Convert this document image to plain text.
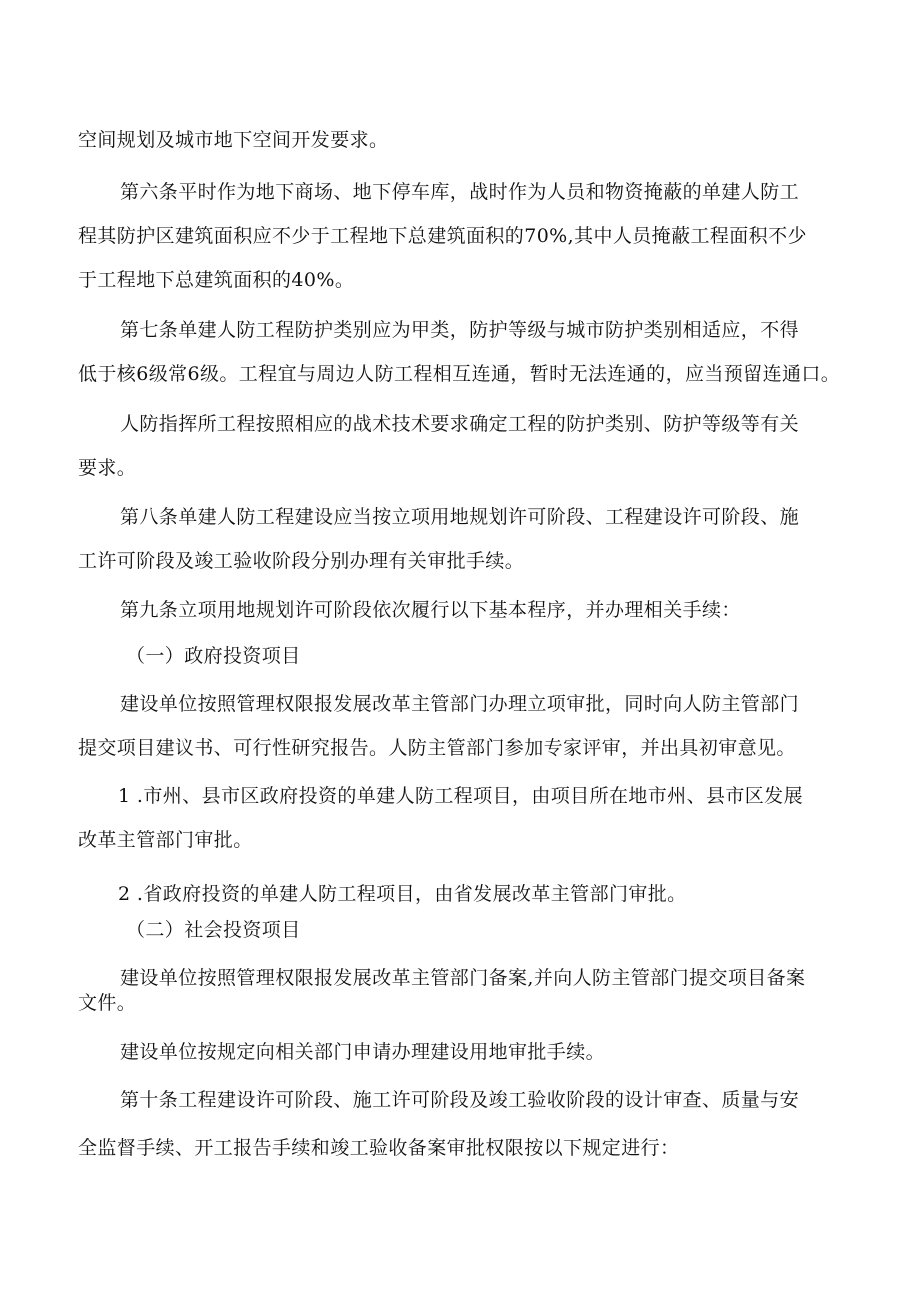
空间规划及城市地下空间开发要求。
第六条平时作为地下商场、地下停车库，战时作为人员和物资掩蔽的单建人防工
程其防护区建筑面积应不少于工程地下总建筑面积的70%,其中人员掩蔽工程面积不少
于工程地下总建筑面积的40%。
第七条单建人防工程防护类别应为甲类，防护等级与城市防护类别相适应，不得
低于核6级常6级。工程宜与周边人防工程相互连通，暂时无法连通的，应当预留连通口。
人防指挥所工程按照相应的战术技术要求确定工程的防护类别、防护等级等有关
要求。
第八条单建人防工程建设应当按立项用地规划许可阶段、工程建设许可阶段、施
工许可阶段及竣工验收阶段分别办理有关审批手续。
第九条立项用地规划许可阶段依次履行以下基本程序，并办理相关手续：
（一）政府投资项目
建设单位按照管理权限报发展改革主管部门办理立项审批，同时向人防主管部门
提交项目建议书、可行性研究报告。人防主管部门参加专家评审，并出具初审意见。
1 .市州、县市区政府投资的单建人防工程项目，由项目所在地市州、县市区发展
改革主管部门审批。
2 .省政府投资的单建人防工程项目，由省发展改革主管部门审批。
（二）社会投资项目
建设单位按照管理权限报发展改革主管部门备案,并向人防主管部门提交项目备案
文件。
建设单位按规定向相关部门申请办理建设用地审批手续。
第十条工程建设许可阶段、施工许可阶段及竣工验收阶段的设计审查、质量与安
全监督手续、开工报告手续和竣工验收备案审批权限按以下规定进行：
